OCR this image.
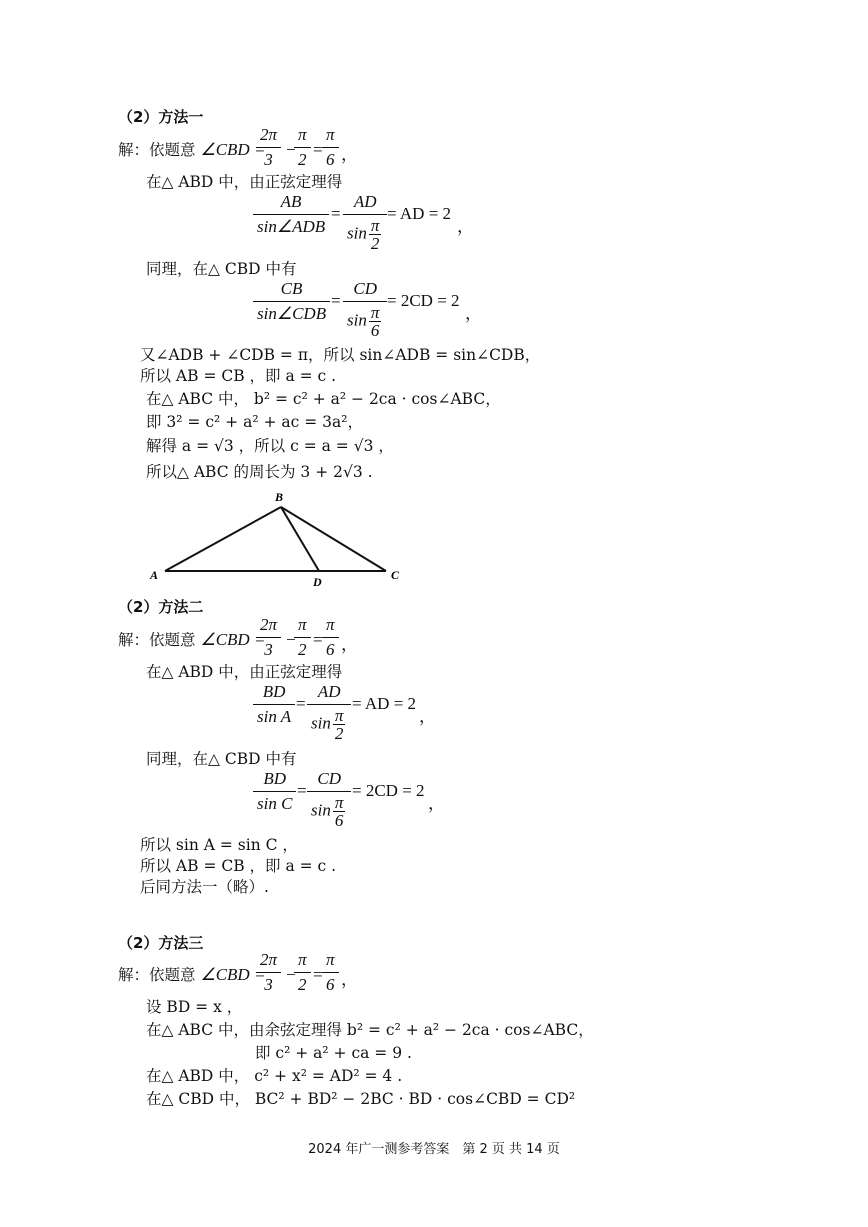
（2）方法一
解：依题意 ∠CBD =
$\frac{2\pi}{3}$ −
$\frac{\pi}{2} = \frac{\pi}{6}$ ，
在△ ABD 中，由正弦定理得
AB
sin∠ADB
= $\frac{AD}{\sin \frac{\pi}{2}}$ = AD = 2
，
同理，在△ CBD 中有
CB
sin∠CDB
= $\frac{CD}{\sin \frac{\pi}{6}} = 2CD = 2$
，
又∠ADB + ∠CDB = π，所以 sin∠ADB = sin∠CDB，
所以 AB = CB ，即 a = c .
在△ ABC 中， b² = c² + a² − 2ca · cos∠ABC，
即 3² = c² + a² + ac = 3a²，
解得 a = √3 ，所以 c = a = √3 ，
所以△ ABC 的周长为 3 + 2√3 .
B
A	C
D
（2）方法二
解：依题意 ∠CBD =
$\frac{2\pi}{3}$ −
$\frac{\pi}{2} = \frac{\pi}{6}$ ，
在△ ABD 中，由正弦定理得
$\frac{BD}{\text{sin A}} = \frac{AD}{\sin \frac{\pi}{2}}$ = AD = 2
，
同理，在△ CBD 中有
$\frac{BD}{\text{sin C}} = \frac{CD}{\sin \frac{\pi}{6}} = 2CD = 2$
，
所以 sin A = sin C ，
所以 AB = CB ，即 a = c .
后同方法一（略）.
（2）方法三
解：依题意 ∠CBD =
$\frac{2\pi}{3}$ −
$\frac{\pi}{2} = \frac{\pi}{6}$ ，
设 BD = x ，
在△ ABC 中，由余弦定理得 b² = c² + a² − 2ca · cos∠ABC，
即 c² + a² + ca = 9 .
在△ ABD 中， c² + x² = AD² = 4 .
在△ CBD 中， BC² + BD² − 2BC · BD · cos∠CBD = CD²
2024 年广一测参考答案　第 2 页 共 14 页
